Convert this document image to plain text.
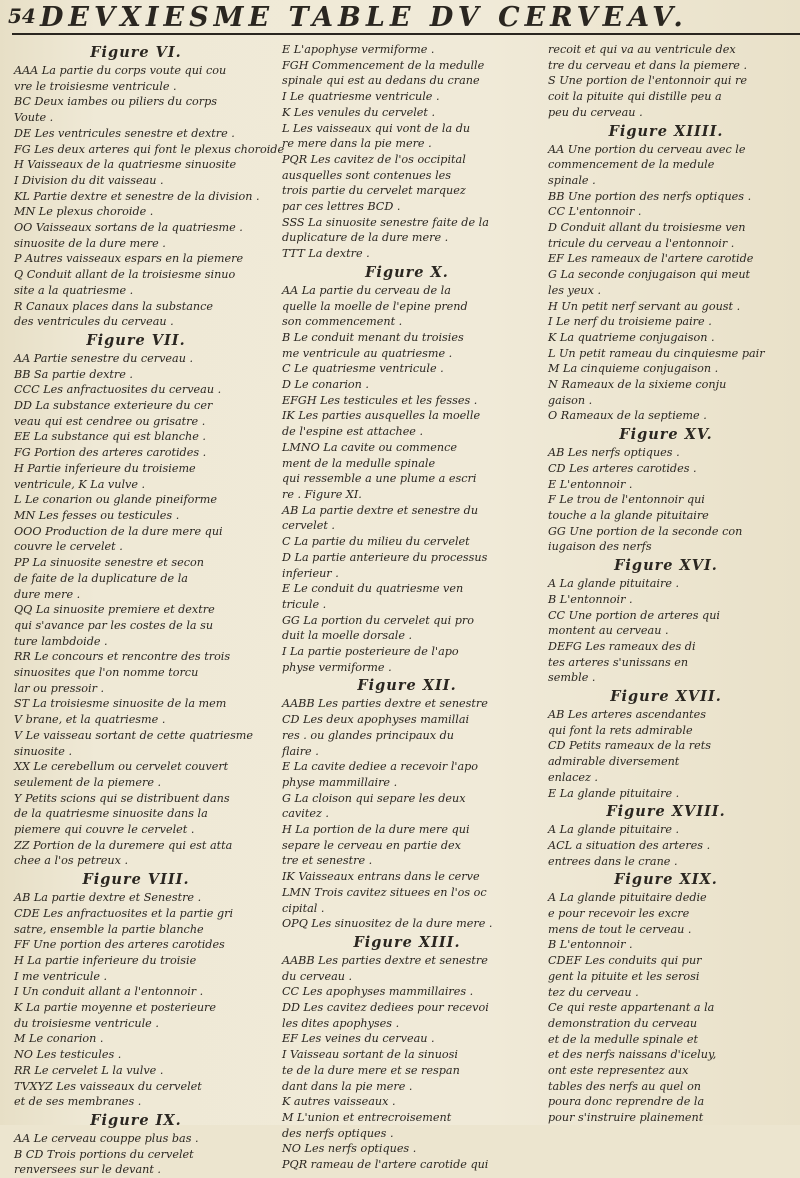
54 DEVXIESME TABLE DV CERVEAV.
Figure VI.
AAA La partie du corps voute qui cou
vre le troisiesme ventricule .
BC Deux iambes ou piliers du corps
Voute .
DE Les ventricules senestre et dextre .
FG Les deux arteres qui font le plexus choroide
H Vaisseaux de la quatriesme sinuosite
I Division du dit vaisseau .
KL Partie dextre et senestre de la division .
MN Le plexus choroide .
OO Vaisseaux sortans de la quatriesme .
sinuosite de la dure mere .
P Autres vaisseaux espars en la piemere
Q Conduit allant de la troisiesme sinuo
site a la quatriesme .
R Canaux places dans la substance
des ventricules du cerveau .
Figure VII.
AA Partie senestre du cerveau .
BB Sa partie dextre .
CCC Les anfractuosites du cerveau .
DD La substance exterieure du cer
veau qui est cendree ou grisatre .
EE La substance qui est blanche .
FG Portion des arteres carotides .
H Partie inferieure du troisieme
ventricule, K La vulve .
L Le conarion ou glande pineiforme
MN Les fesses ou testicules .
OOO Production de la dure mere qui
couvre le cervelet .
PP La sinuosite senestre et secon
de faite de la duplicature de la
dure mere .
QQ La sinuosite premiere et dextre
qui s'avance par les costes de la su
ture lambdoide .
RR Le concours et rencontre des trois
sinuosites que l'on nomme torcu
lar ou pressoir .
ST La troisiesme sinuosite de la mem
V brane, et la quatriesme .
V Le vaisseau sortant de cette quatriesme
sinuosite .
XX Le cerebellum ou cervelet couvert
seulement de la piemere .
Y Petits scions qui se distribuent dans
de la quatriesme sinuosite dans la
piemere qui couvre le cervelet .
ZZ Portion de la duremere qui est atta
chee a l'os petreux .
Figure VIII.
AB La partie dextre et Senestre .
CDE Les anfractuosites et la partie gri
satre, ensemble la partie blanche
FF Une portion des arteres carotides
H La partie inferieure du troisie
I me ventricule .
I Un conduit allant a l'entonnoir .
K La partie moyenne et posterieure
du troisiesme ventricule .
M Le conarion .
NO Les testicules .
RR Le cervelet L la vulve .
TVXYZ Les vaisseaux du cervelet
et de ses membranes .
Figure IX.
AA Le cerveau couppe plus bas .
B CD Trois portions du cervelet
renversees sur le devant .
E L'apophyse vermiforme .
FGH Commencement de la medulle
spinale qui est au dedans du crane
I Le quatriesme ventricule .
K Les venules du cervelet .
L Les vaisseaux qui vont de la du
re mere dans la pie mere .
PQR Les cavitez de l'os occipital
ausquelles sont contenues les
trois partie du cervelet marquez
par ces lettres BCD .
SSS La sinuosite senestre faite de la
duplicature de la dure mere .
TTT La dextre .
Figure X.
AA La partie du cerveau de la
quelle la moelle de l'epine prend
son commencement .
B Le conduit menant du troisies
me ventricule au quatriesme .
C Le quatriesme ventricule .
D Le conarion .
EFGH Les testicules et les fesses .
IK Les parties ausquelles la moelle
de l'espine est attachee .
LMNO La cavite ou commence
ment de la medulle spinale
qui ressemble a une plume a escri
re . Figure XI.
AB La partie dextre et senestre du
cervelet .
C La partie du milieu du cervelet
D La partie anterieure du processus
inferieur .
E Le conduit du quatriesme ven
tricule .
GG La portion du cervelet qui pro
duit la moelle dorsale .
I La partie posterieure de l'apo
physe vermiforme .
Figure XII.
AABB Les parties dextre et senestre
CD Les deux apophyses mamillai
res . ou glandes principaux du
flaire .
E La cavite dediee a recevoir l'apo
physe mammillaire .
G La cloison qui separe les deux
cavitez .
H La portion de la dure mere qui
separe le cerveau en partie dex
tre et senestre .
IK Vaisseaux entrans dans le cerve
LMN Trois cavitez situees en l'os oc
cipital .
OPQ Les sinuositez de la dure mere .
Figure XIII.
AABB Les parties dextre et senestre
du cerveau .
CC Les apophyses mammillaires .
DD Les cavitez dediees pour recevoi
les dites apophyses .
EF Les veines du cerveau .
I Vaisseau sortant de la sinuosi
te de la dure mere et se respan
dant dans la pie mere .
K autres vaisseaux .
M L'union et entrecroisement
des nerfs optiques .
NO Les nerfs optiques .
PQR rameau de l'artere carotide qui
recoit et qui va au ventricule dex
tre du cerveau et dans la piemere .
S Une portion de l'entonnoir qui re
coit la pituite qui distille peu a
peu du cerveau .
Figure XIIII.
AA Une portion du cerveau avec le
commencement de la medule
spinale .
BB Une portion des nerfs optiques .
CC L'entonnoir .
D Conduit allant du troisiesme ven
tricule du cerveau a l'entonnoir .
EF Les rameaux de l'artere carotide
G La seconde conjugaison qui meut
les yeux .
H Un petit nerf servant au goust .
I Le nerf du troisieme paire .
K La quatrieme conjugaison .
L Un petit rameau du cinquiesme pair
M La cinquieme conjugaison .
N Rameaux de la sixieme conju
gaison .
O Rameaux de la septieme .
Figure XV.
AB Les nerfs optiques .
CD Les arteres carotides .
E L'entonnoir .
F Le trou de l'entonnoir qui
touche a la glande pituitaire
GG Une portion de la seconde con
iugaison des nerfs
Figure XVI.
A La glande pituitaire .
B L'entonnoir .
CC Une portion de arteres qui
montent au cerveau .
DEFG Les rameaux des di
tes arteres s'unissans en
semble .
Figure XVII.
AB Les arteres ascendantes
qui font la rets admirable
CD Petits rameaux de la rets
admirable diversement
enlacez .
E La glande pituitaire .
Figure XVIII.
A La glande pituitaire .
ACL a situation des arteres .
entrees dans le crane .
Figure XIX.
A La glande pituitaire dedie
e pour recevoir les excre
mens de tout le cerveau .
B L'entonnoir .
CDEF Les conduits qui pur
gent la pituite et les serosi
tez du cerveau .
Ce qui reste appartenant a la
demonstration du cerveau
et de la medulle spinale et
et des nerfs naissans d'iceluy,
ont este representez aux
tables des nerfs au quel on
poura donc reprendre de la
pour s'instruire plainement
